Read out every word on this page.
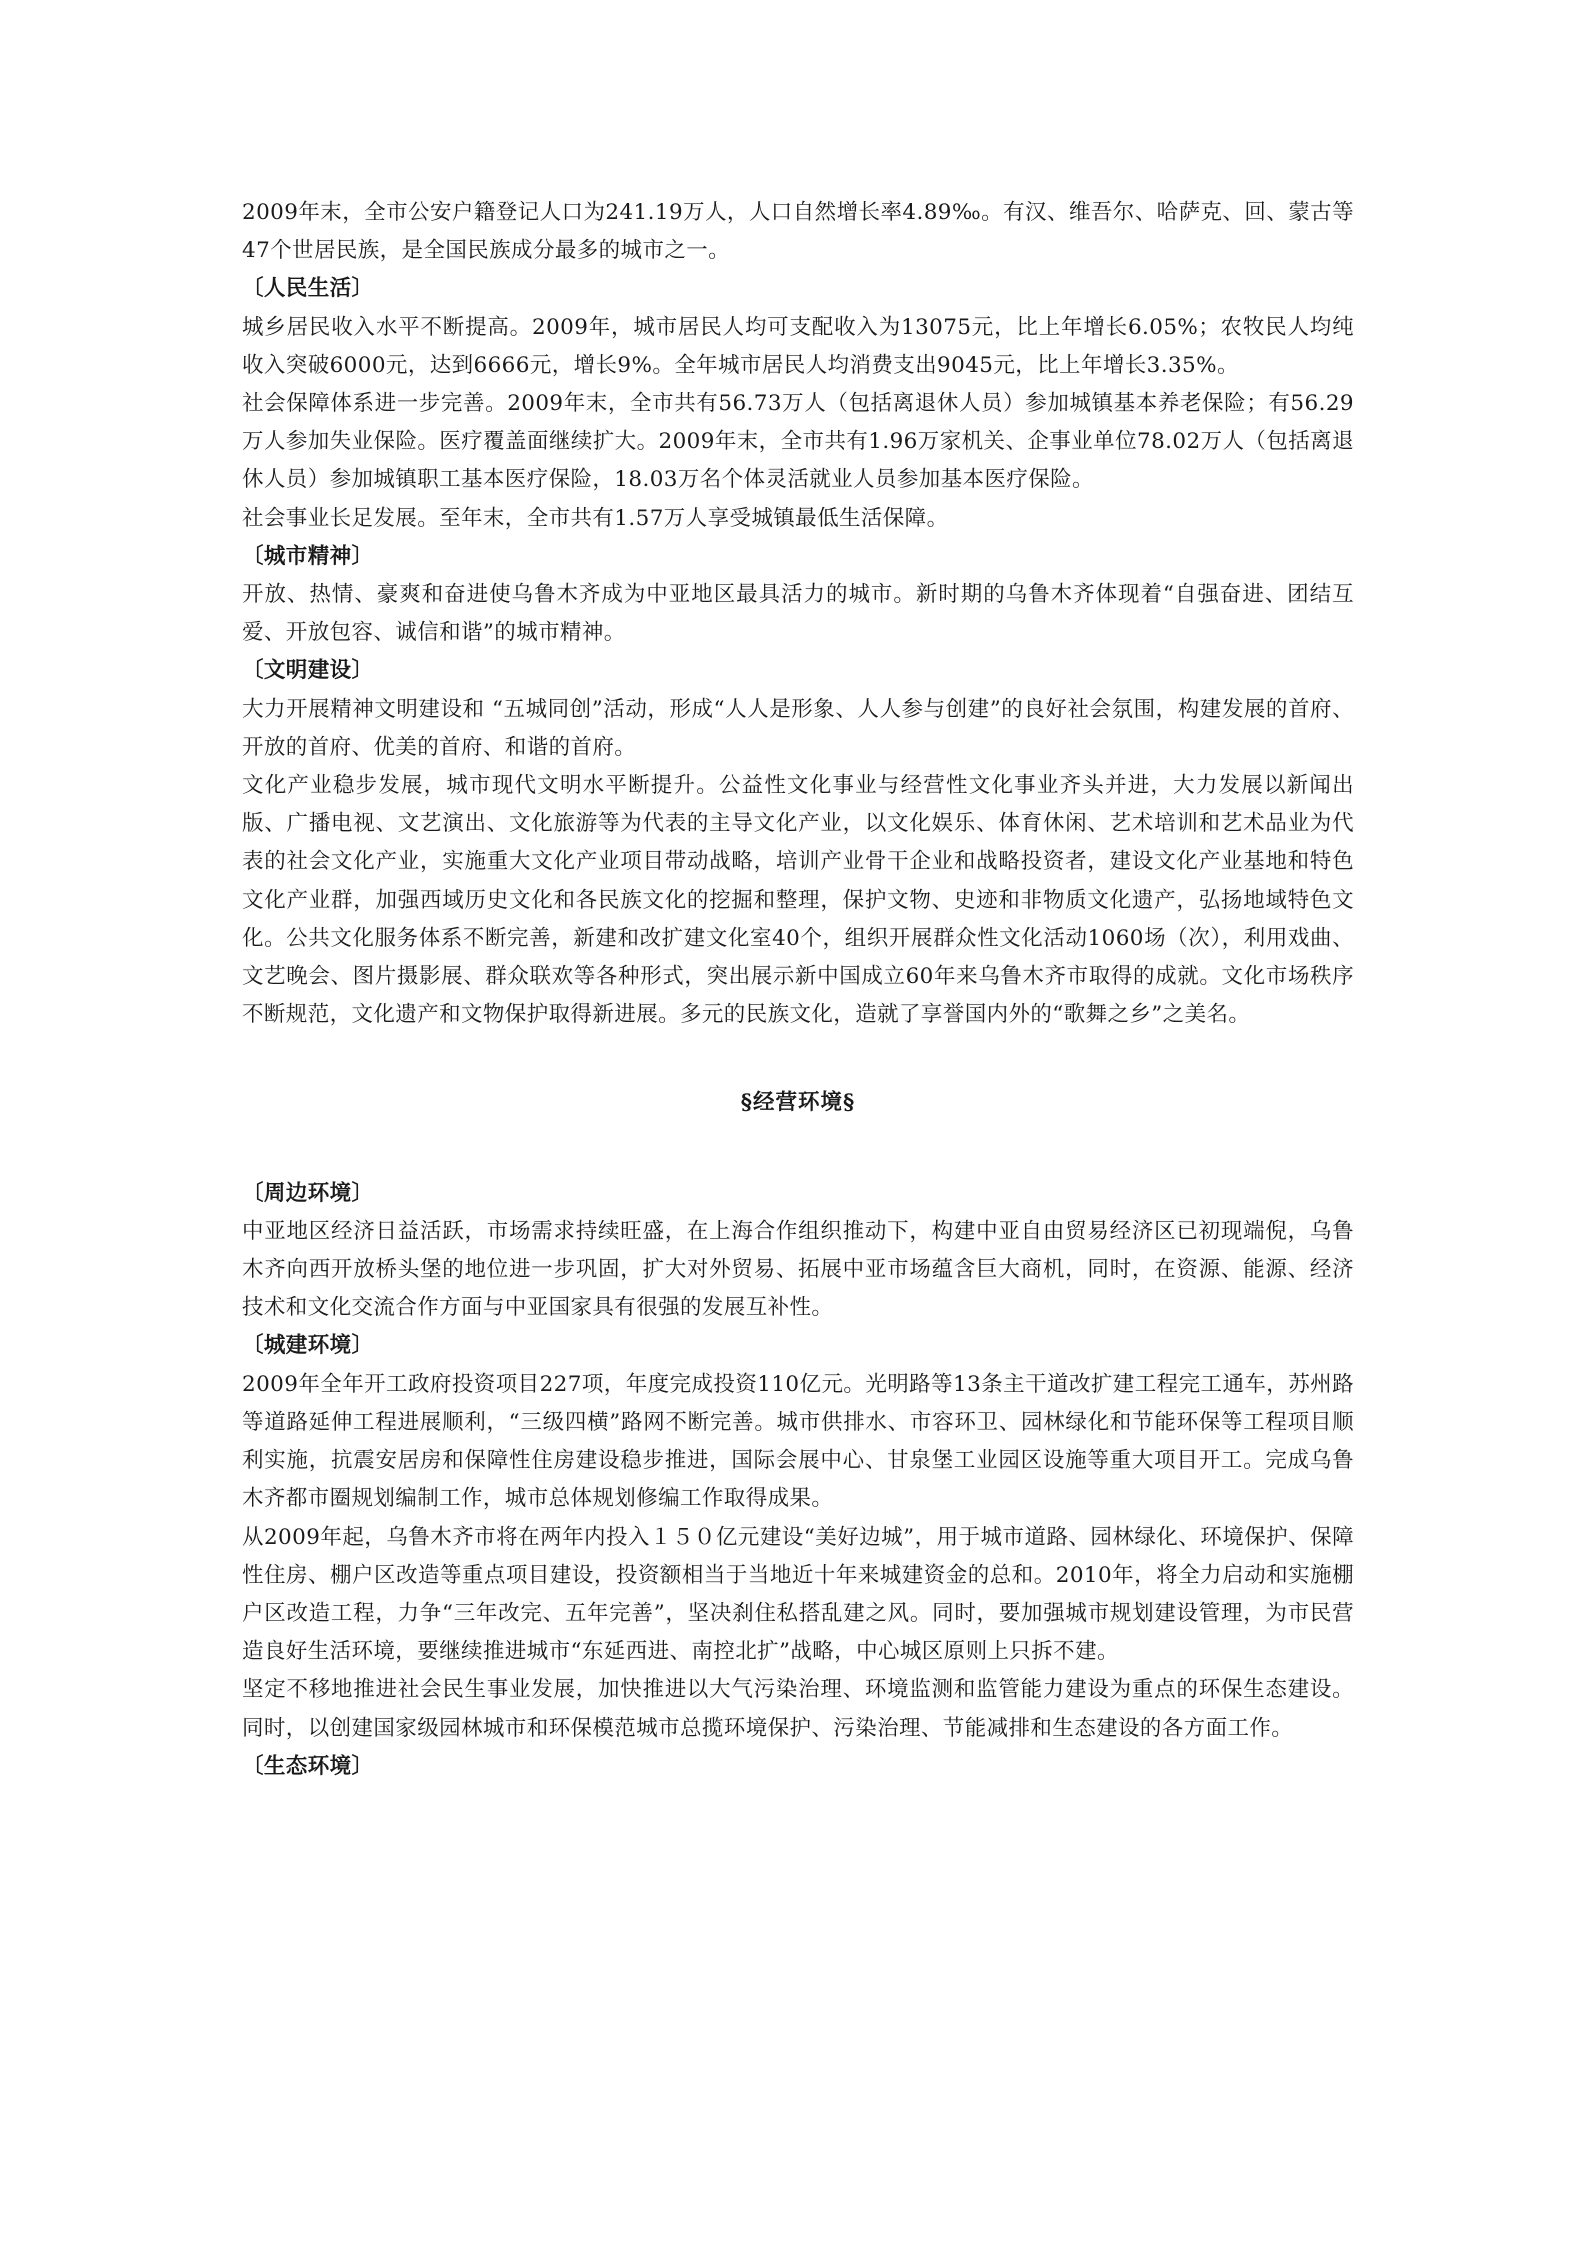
2009年末，全市公安户籍登记人口为241.19万人，人口自然增长率4.89‰。有汉、维吾尔、哈萨克、回、蒙古等47个世居民族，是全国民族成分最多的城市之一。

〔人民生活〕

城乡居民收入水平不断提高。2009年，城市居民人均可支配收入为13075元，比上年增长6.05%；农牧民人均纯收入突破6000元，达到6666元，增长9%。全年城市居民人均消费支出9045元，比上年增长3.35%。

社会保障体系进一步完善。2009年末，全市共有56.73万人（包括离退休人员）参加城镇基本养老保险；有56.29万人参加失业保险。医疗覆盖面继续扩大。2009年末，全市共有1.96万家机关、企事业单位78.02万人（包括离退休人员）参加城镇职工基本医疗保险，18.03万名个体灵活就业人员参加基本医疗保险。

社会事业长足发展。至年末，全市共有1.57万人享受城镇最低生活保障。

〔城市精神〕

开放、热情、豪爽和奋进使乌鲁木齐成为中亚地区最具活力的城市。新时期的乌鲁木齐体现着“自强奋进、团结互爱、开放包容、诚信和谐”的城市精神。

〔文明建设〕

大力开展精神文明建设和 “五城同创”活动，形成“人人是形象、人人参与创建”的良好社会氛围，构建发展的首府、开放的首府、优美的首府、和谐的首府。

文化产业稳步发展，城市现代文明水平断提升。公益性文化事业与经营性文化事业齐头并进，大力发展以新闻出版、广播电视、文艺演出、文化旅游等为代表的主导文化产业，以文化娱乐、体育休闲、艺术培训和艺术品业为代表的社会文化产业，实施重大文化产业项目带动战略，培训产业骨干企业和战略投资者，建设文化产业基地和特色文化产业群，加强西域历史文化和各民族文化的挖掘和整理，保护文物、史迹和非物质文化遗产，弘扬地域特色文化。公共文化服务体系不断完善，新建和改扩建文化室40个，组织开展群众性文化活动1060场（次），利用戏曲、文艺晚会、图片摄影展、群众联欢等各种形式，突出展示新中国成立60年来乌鲁木齐市取得的成就。文化市场秩序不断规范，文化遗产和文物保护取得新进展。多元的民族文化，造就了享誉国内外的“歌舞之乡”之美名。

§经营环境§

〔周边环境〕

中亚地区经济日益活跃，市场需求持续旺盛，在上海合作组织推动下，构建中亚自由贸易经济区已初现端倪，乌鲁木齐向西开放桥头堡的地位进一步巩固，扩大对外贸易、拓展中亚市场蕴含巨大商机，同时，在资源、能源、经济技术和文化交流合作方面与中亚国家具有很强的发展互补性。

〔城建环境〕

2009年全年开工政府投资项目227项，年度完成投资110亿元。光明路等13条主干道改扩建工程完工通车，苏州路等道路延伸工程进展顺利，“三级四横”路网不断完善。城市供排水、市容环卫、园林绿化和节能环保等工程项目顺利实施，抗震安居房和保障性住房建设稳步推进，国际会展中心、甘泉堡工业园区设施等重大项目开工。完成乌鲁木齐都市圈规划编制工作，城市总体规划修编工作取得成果。

从2009年起，乌鲁木齐市将在两年内投入１５０亿元建设“美好边城”，用于城市道路、园林绿化、环境保护、保障性住房、棚户区改造等重点项目建设，投资额相当于当地近十年来城建资金的总和。2010年，将全力启动和实施棚户区改造工程，力争“三年改完、五年完善”，坚决刹住私搭乱建之风。同时，要加强城市规划建设管理，为市民营造良好生活环境，要继续推进城市“东延西进、南控北扩”战略，中心城区原则上只拆不建。

坚定不移地推进社会民生事业发展，加快推进以大气污染治理、环境监测和监管能力建设为重点的环保生态建设。同时，以创建国家级园林城市和环保模范城市总揽环境保护、污染治理、节能减排和生态建设的各方面工作。

〔生态环境〕
